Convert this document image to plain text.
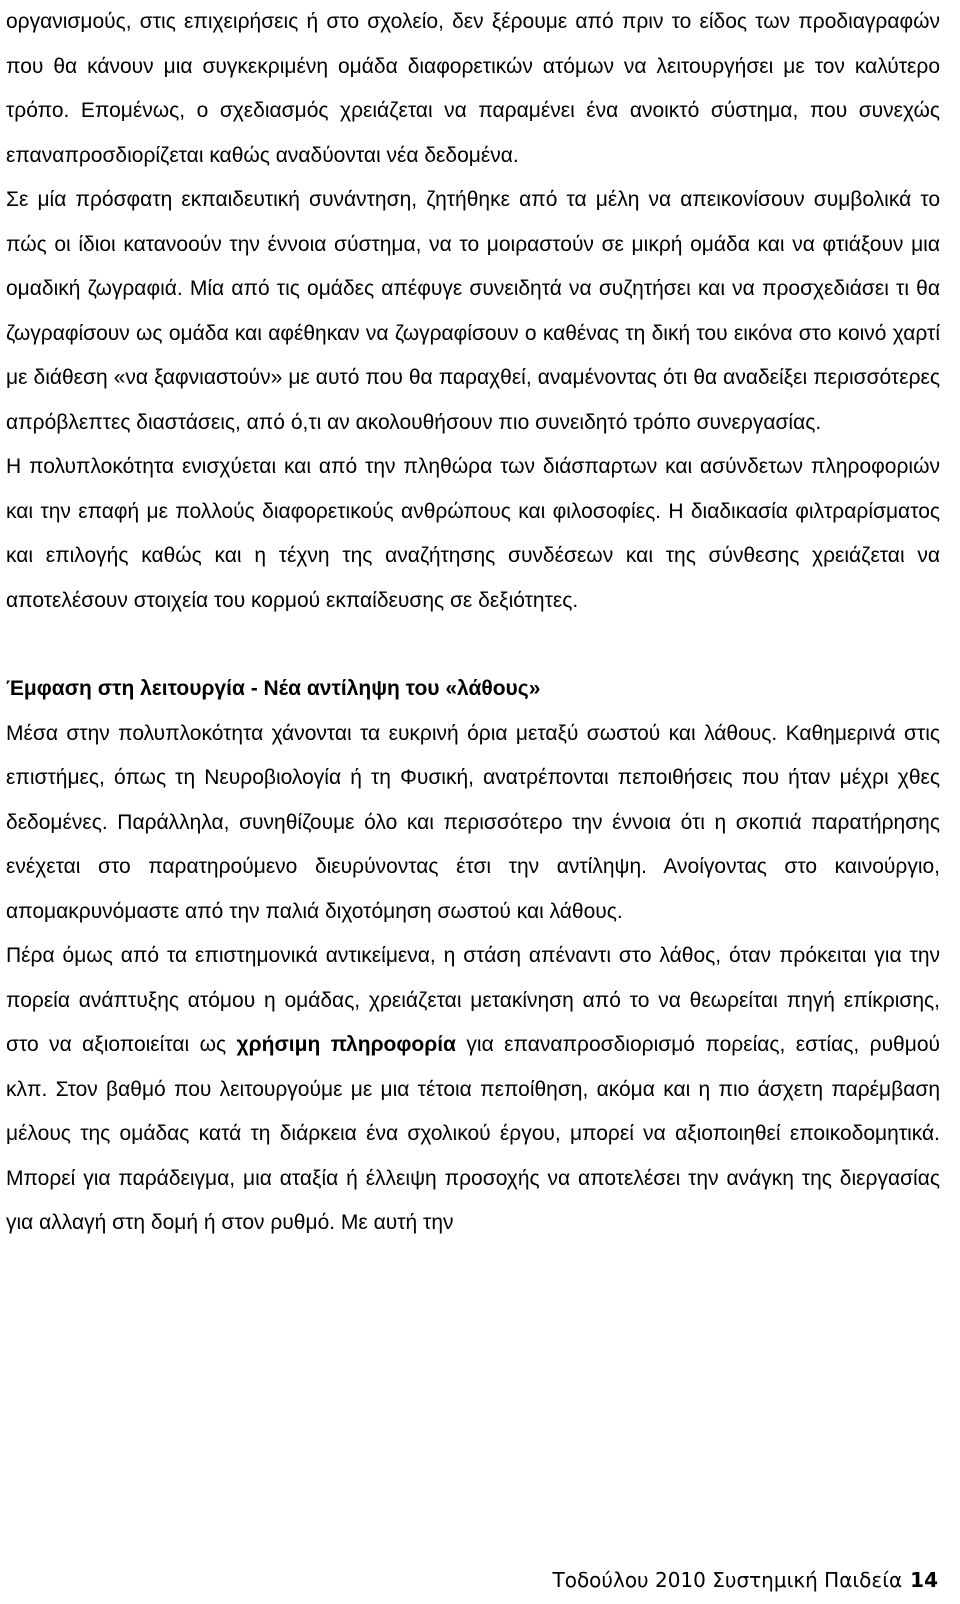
οργανισμούς, στις επιχειρήσεις ή στο σχολείο, δεν ξέρουμε από πριν το είδος των προδιαγραφών που θα κάνουν μια συγκεκριμένη ομάδα διαφορετικών ατόμων να λειτουργήσει με τον καλύτερο τρόπο. Επομένως, ο σχεδιασμός χρειάζεται να παραμένει ένα ανοικτό σύστημα, που συνεχώς επαναπροσδιορίζεται καθώς αναδύονται νέα δεδομένα.

Σε μία πρόσφατη εκπαιδευτική συνάντηση, ζητήθηκε από τα μέλη να απεικονίσουν συμβολικά το πώς οι ίδιοι κατανοούν την έννοια σύστημα, να το μοιραστούν σε μικρή ομάδα και να φτιάξουν μια ομαδική ζωγραφιά. Μία από τις ομάδες απέφυγε συνειδητά να συζητήσει και να προσχεδιάσει τι θα ζωγραφίσουν ως ομάδα και αφέθηκαν να ζωγραφίσουν ο καθένας τη δική του εικόνα στο κοινό χαρτί με διάθεση «να ξαφνιαστούν» με αυτό που θα παραχθεί, αναμένοντας ότι θα αναδείξει περισσότερες απρόβλεπτες διαστάσεις, από ό,τι αν ακολουθήσουν πιο συνειδητό τρόπο συνεργασίας.

Η πολυπλοκότητα ενισχύεται και από την πληθώρα των διάσπαρτων και ασύνδετων πληροφοριών και την επαφή με πολλούς διαφορετικούς ανθρώπους και φιλοσοφίες. Η διαδικασία φιλτραρίσματος και επιλογής καθώς και η τέχνη της αναζήτησης συνδέσεων και της σύνθεσης χρειάζεται να αποτελέσουν στοιχεία του κορμού εκπαίδευσης σε δεξιότητες.

Έμφαση στη λειτουργία - Νέα αντίληψη του «λάθους»

Μέσα στην πολυπλοκότητα χάνονται τα ευκρινή όρια μεταξύ σωστού και λάθους. Καθημερινά στις επιστήμες, όπως τη Νευροβιολογία ή τη Φυσική, ανατρέπονται πεποιθήσεις που ήταν μέχρι χθες δεδομένες. Παράλληλα, συνηθίζουμε όλο και περισσότερο την έννοια ότι η σκοπιά παρατήρησης ενέχεται στο παρατηρούμενο διευρύνοντας έτσι την αντίληψη. Ανοίγοντας στο καινούργιο, απομακρυνόμαστε από την παλιά διχοτόμηση σωστού και λάθους.

Πέρα όμως από τα επιστημονικά αντικείμενα, η στάση απέναντι στο λάθος, όταν πρόκειται για την πορεία ανάπτυξης ατόμου η ομάδας, χρειάζεται μετακίνηση από το να θεωρείται πηγή επίκρισης, στο να αξιοποιείται ως χρήσιμη πληροφορία για επαναπροσδιορισμό πορείας, εστίας, ρυθμού κλπ. Στον βαθμό που λειτουργούμε με μια τέτοια πεποίθηση, ακόμα και η πιο άσχετη παρέμβαση μέλους της ομάδας κατά τη διάρκεια ένα σχολικού έργου, μπορεί να αξιοποιηθεί εποικοδομητικά. Μπορεί για παράδειγμα, μια αταξία ή έλλειψη προσοχής να αποτελέσει την ανάγκη της διεργασίας για αλλαγή στη δομή ή στον ρυθμό. Με αυτή την

Τοδούλου 2010 Συστημική Παιδεία 14
